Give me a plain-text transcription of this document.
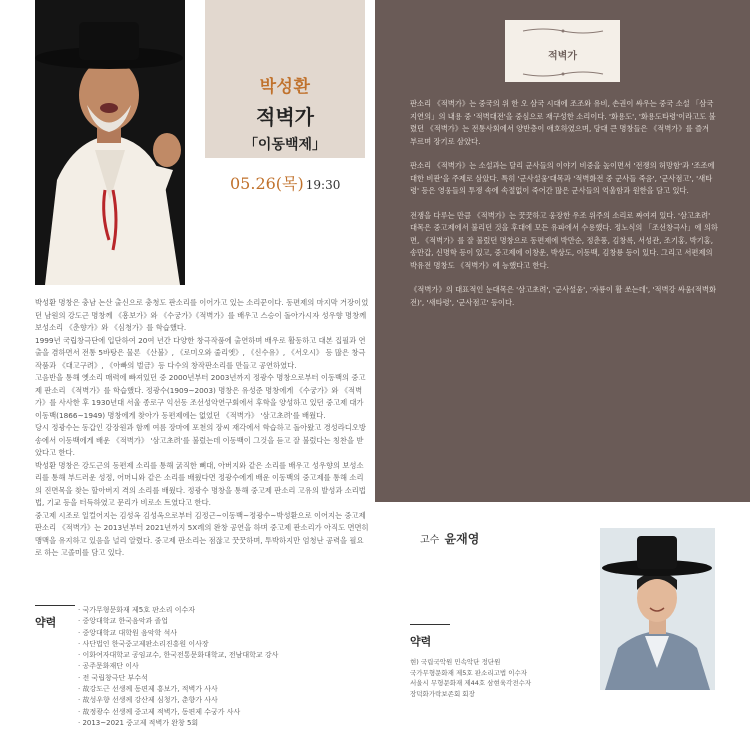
박성환
적벽가
「이동백제」
05.26(목) 19:30

박성환 명창은 충남 논산 출신으로 충청도 판소리를 이어가고 있는 소리꾼이다. 동편제의 마지막 거장이었던 남원의 강도근 명창께 《흥보가》와 《수궁가》《적벽가》를 배우고 스승이 돌아가시자 성우향 명창께 보성소리 《춘향가》와 《심청가》를 학습했다.

1999년 국립창극단에 입단하여 20여 년간 다양한 창극작품에 출연하며 배우로 활동하고 대본 집필과 연출을 겸하면서 전통 5바탕은 물론 《산불》, 《로미오와 줄리엣》, 《신수유》, 《서오시》 등 많은 창극작품과 《대고구려》, 《아빠의 벌금》등 다수의 창작판소리를 만들고 공연하였다.

고음반을 통해 옛소리 매력에 빠져있던 중 2000년부터 2003년까지 정광수 명창으로부터 이동백의 중고제 판소리 《적벽가》를 학습했다. 정광수(1909~2003) 명창은 유성준 명창에게 《수궁가》와 《적벽가》를 사사한 후 1930년대 서울 종로구 익선동 조선성악연구회에서 후학을 양성하고 있던 중고제 대가 이동백(1866~1949) 명창에게 찾아가 동편제에는 없었던 《적벽가》 '삼고초려'를 배웠다.

당시 정광수는 동갑인 강장원과 함께 여름 장마에 포천의 장씨 재각에서 학습하고 돌아왔고 경성라디오방송에서 이동백에게 배운 《적벽가》 '삼고초려'를 불렀는데 이동백이 그것을 듣고 잘 불렀다는 칭찬을 받았다고 한다.

박성환 명창은 강도근의 동편제 소리를 통해 굵직한 뼈대, 아버지와 같은 소리를 배우고 성우향의 보성소리를 통해 부드러운 성정, 어머니와 같은 소리를 배웠다면 정광수에게 배운 이동백의 중고제를 통해 소리의 진면목을 찾는 할아버지 격의 소리를 배웠다. 정광수 명창을 통해 중고제 판소리 고유의 발성과 소리법법, 기교 등을 터득하였고 문리가 비로소 트였다고 한다.

중고제 시조로 일컬어지는 김성옥 김성옥으로부터 김정근~이동백~정광수~박성환으로 이어지는 중고제 판소리 《적벽가》는 2013년부터 2021년까지 5X례의 완창 공연을 하며 중고제 판소리가 아직도 면면히 맹맥을 유지하고 있음을 널리 알렸다. 중고제 판소리는 점잖고 꿋꿋하며, 투박하지만 엄청난 공력을 필요로 하는 고졸미를 담고 있다.

약력
· 국가무형문화재 제5호 판소리 이수자
· 중앙대학교 한국음악과 졸업
· 중앙대학교 대학원 음악학 석사
· 사단법인 한국중고제판소리진흥원 이사장
· 이화여자대학교 공임교수, 한국전통문화대학교, 전남대학교 강사
· 공주문화재단 이사
· 전 국립창극단 부수석
· 故강도근 선생께 동편제 흥보가, 적벽가 사사
· 故성우향 선생께 강산제 심청가, 춘향가 사사
· 故정광수 선생께 중고제 적벽가, 동편제 수궁가 사사
· 2013~2021 중고제 적벽가 완창 5회
적벽가

판소리 《적벽가》는 중국의 위 한 오 삼국 시대에 조조와 유비, 손권이 싸우는 중국 소설 「삼국지연의」의 내용 중 '적벽대전'을 중심으로 재구성한 소리이다. '화용도', '화용도타령'이라고도 불렸던 《적벽가》는 전통사회에서 양반층이 애호하였으며, 당대 큰 명창들은 《적벽가》를 즐겨 부르며 장기로 삼았다.

판소리 《적벽가》는 소설과는 달리 군사들의 이야기 비중을 높이면서 '전쟁의 허망함'과 '조조에 대한 비판'을 주제로 삼았다. 특히 '군사설움'대목과 '적벽화전 중 군사들 죽음', '군사점고', '새타령' 등은 영웅들의 투쟁 속에 속절없이 죽어간 많은 군사들의 억울함과 원한을 담고 있다.

전쟁을 다루는 만큼 《적벽가》는 꿋꿋하고 웅장한 우조 위주의 소리로 짜여져 있다. '삼고초려' 대목은 중고제에서 불리던 것을 후대에 모든 유파에서 수용했다. 정노식의 「조선창극사」에 의하면, 《적벽가》를 잘 불렀던 명창으로 동편제에 박만순, 정춘풍, 김창록, 서성관, 조기홍, 박기홍, 송만갑, 신명학 등이 있고, 중고제에 이창운, 박상도, 이동백, 김창룡 등이 있다. 그리고 서편제의 박유전 명창도 《적벽가》에 능했다고 한다.

《적벽가》의 대표적인 눈대목은 '삼고초려', '군사설움', '자룡이 활 쏘는데', '적벽강 싸움(적벽화전)', '새타령', '군사점고' 등이다.

고수 윤재영
약력
현) 국립국악원 민속악단 정단원
국가무형문화재 제5호 판소리고법 이수자
서울시 무형문화재 제44호 삼현육각전수자
장덕화가락보존회 회장
